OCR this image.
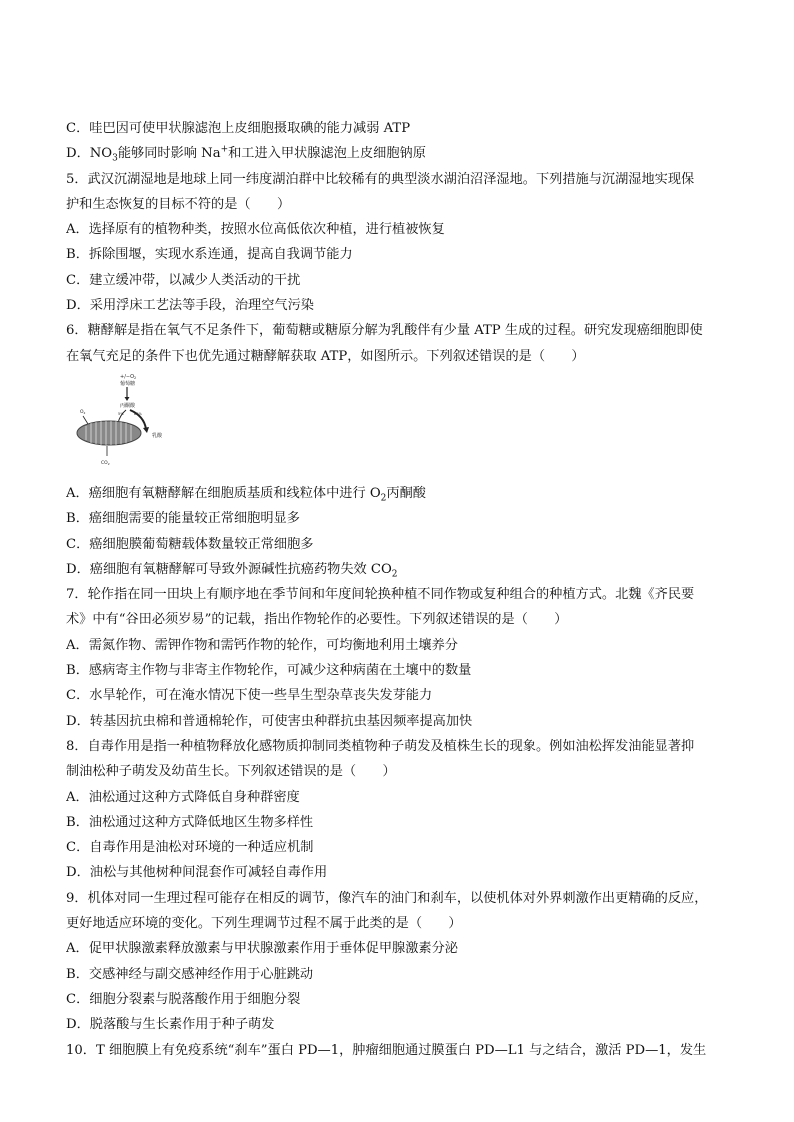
C．哇巴因可使甲状腺滤泡上皮细胞摄取碘的能力减弱 ATP
D．$NO_3$能够同时影响 Na+和工进入甲状腺滤泡上皮细胞钠原
5．武汉沉湖湿地是地球上同一纬度湖泊群中比较稀有的典型淡水湖泊沼泽湿地。下列措施与沉湖湿地实现保
护和生态恢复的目标不符的是（　　）
A．选择原有的植物种类，按照水位高低依次种植，进行植被恢复
B．拆除围堰，实现水系连通，提高自我调节能力
C．建立缓冲带，以减少人类活动的干扰
D．采用浮床工艺法等手段，治理空气污染
6．糖酵解是指在氧气不足条件下，葡萄糖或糖原分解为乳酸伴有少量 ATP 生成的过程。研究发现癌细胞即使
在氧气充足的条件下也优先通过糖酵解获取 ATP，如图所示。下列叙述错误的是（　　）
$+/-O_2$
葡萄糖
丙酮酸
5%	85%
$O_2$
$CO_2$
乳酸
A．癌细胞有氧糖酵解在细胞质基质和线粒体中进行 $O_2$丙酮酸
B．癌细胞需要的能量较正常细胞明显多
C．癌细胞膜葡萄糖载体数量较正常细胞多
D．癌细胞有氧糖酵解可导致外源碱性抗癌药物失效 $CO_2$
7．轮作指在同一田块上有顺序地在季节间和年度间轮换种植不同作物或复种组合的种植方式。北魏《齐民要
术》中有“谷田必须岁易”的记载，指出作物轮作的必要性。下列叙述错误的是（　　）
A．需氮作物、需钾作物和需钙作物的轮作，可均衡地利用土壤养分
B．感病寄主作物与非寄主作物轮作，可减少这种病菌在土壤中的数量
C．水旱轮作，可在淹水情况下使一些旱生型杂草丧失发芽能力
D．转基因抗虫棉和普通棉轮作，可使害虫种群抗虫基因频率提高加快
8．自毒作用是指一种植物释放化感物质抑制同类植物种子萌发及植株生长的现象。例如油松挥发油能显著抑
制油松种子萌发及幼苗生长。下列叙述错误的是（　　）
A．油松通过这种方式降低自身种群密度
B．油松通过这种方式降低地区生物多样性
C．自毒作用是油松对环境的一种适应机制
D．油松与其他树种间混套作可减轻自毒作用
9．机体对同一生理过程可能存在相反的调节，像汽车的油门和刹车，以使机体对外界刺激作出更精确的反应，
更好地适应环境的变化。下列生理调节过程不属于此类的是（　　）
A．促甲状腺激素释放激素与甲状腺激素作用于垂体促甲腺激素分泌
B．交感神经与副交感神经作用于心脏跳动
C．细胞分裂素与脱落酸作用于细胞分裂
D．脱落酸与生长素作用于种子萌发
10．T 细胞膜上有免疫系统“刹车”蛋白 PD—1，肿瘤细胞通过膜蛋白 PD—L1 与之结合，激活 PD—1，发生
